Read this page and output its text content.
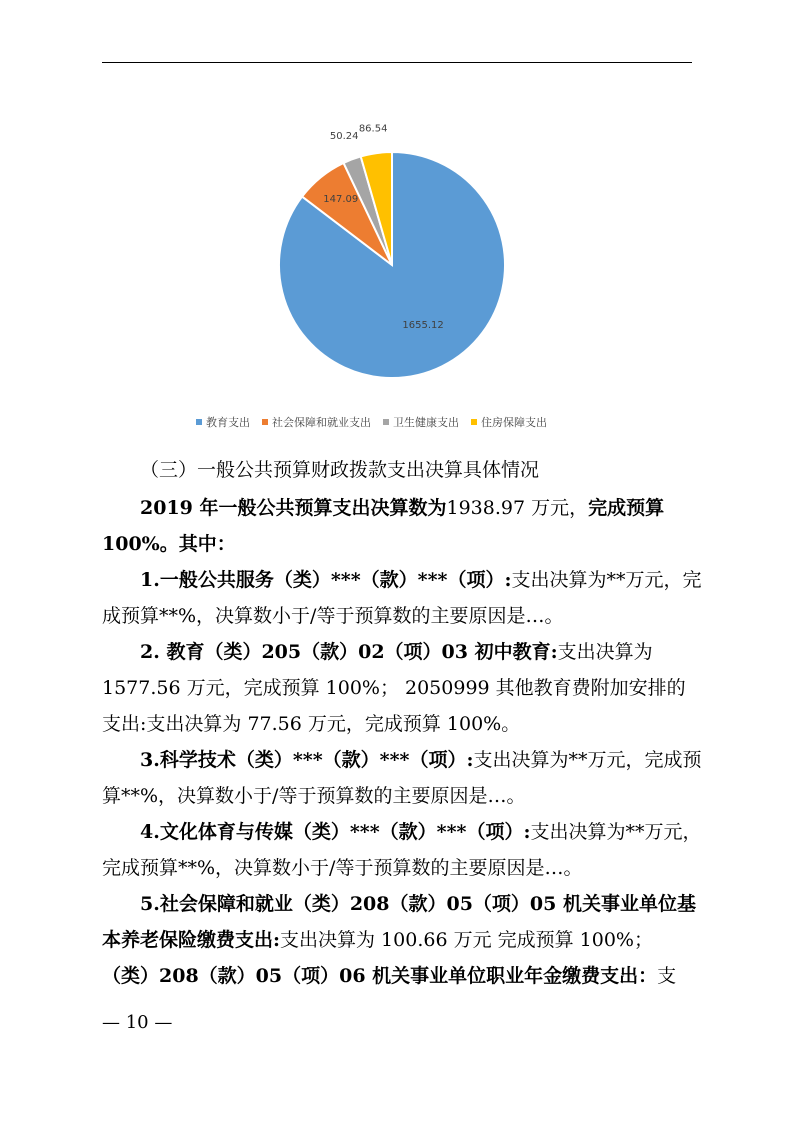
1655.12
147.09
50.24
86.54
教育支出 社会保障和就业支出 卫生健康支出 住房保障支出
（三）一般公共预算财政拨款支出决算具体情况
2019 年一般公共预算支出决算数为1938.97 万元，完成预算 100%。其中：
1.一般公共服务（类）***（款）***（项）:支出决算为**万元，完成预算**%，决算数小于/等于预算数的主要原因是…。
2. 教育（类）205（款）02（项）03 初中教育:支出决算为 1577.56 万元，完成预算 100%； 2050999 其他教育费附加安排的支出:支出决算为 77.56 万元，完成预算 100%。
3.科学技术（类）***（款）***（项）:支出决算为**万元，完成预算**%，决算数小于/等于预算数的主要原因是…。
4.文化体育与传媒（类）***（款）***（项）:支出决算为**万元，完成预算**%，决算数小于/等于预算数的主要原因是…。
5.社会保障和就业（类）208（款）05（项）05 机关事业单位基本养老保险缴费支出:支出决算为 100.66 万元 完成预算 100%；
（类）208（款）05（项）06 机关事业单位职业年金缴费支出：支
— 10 —
